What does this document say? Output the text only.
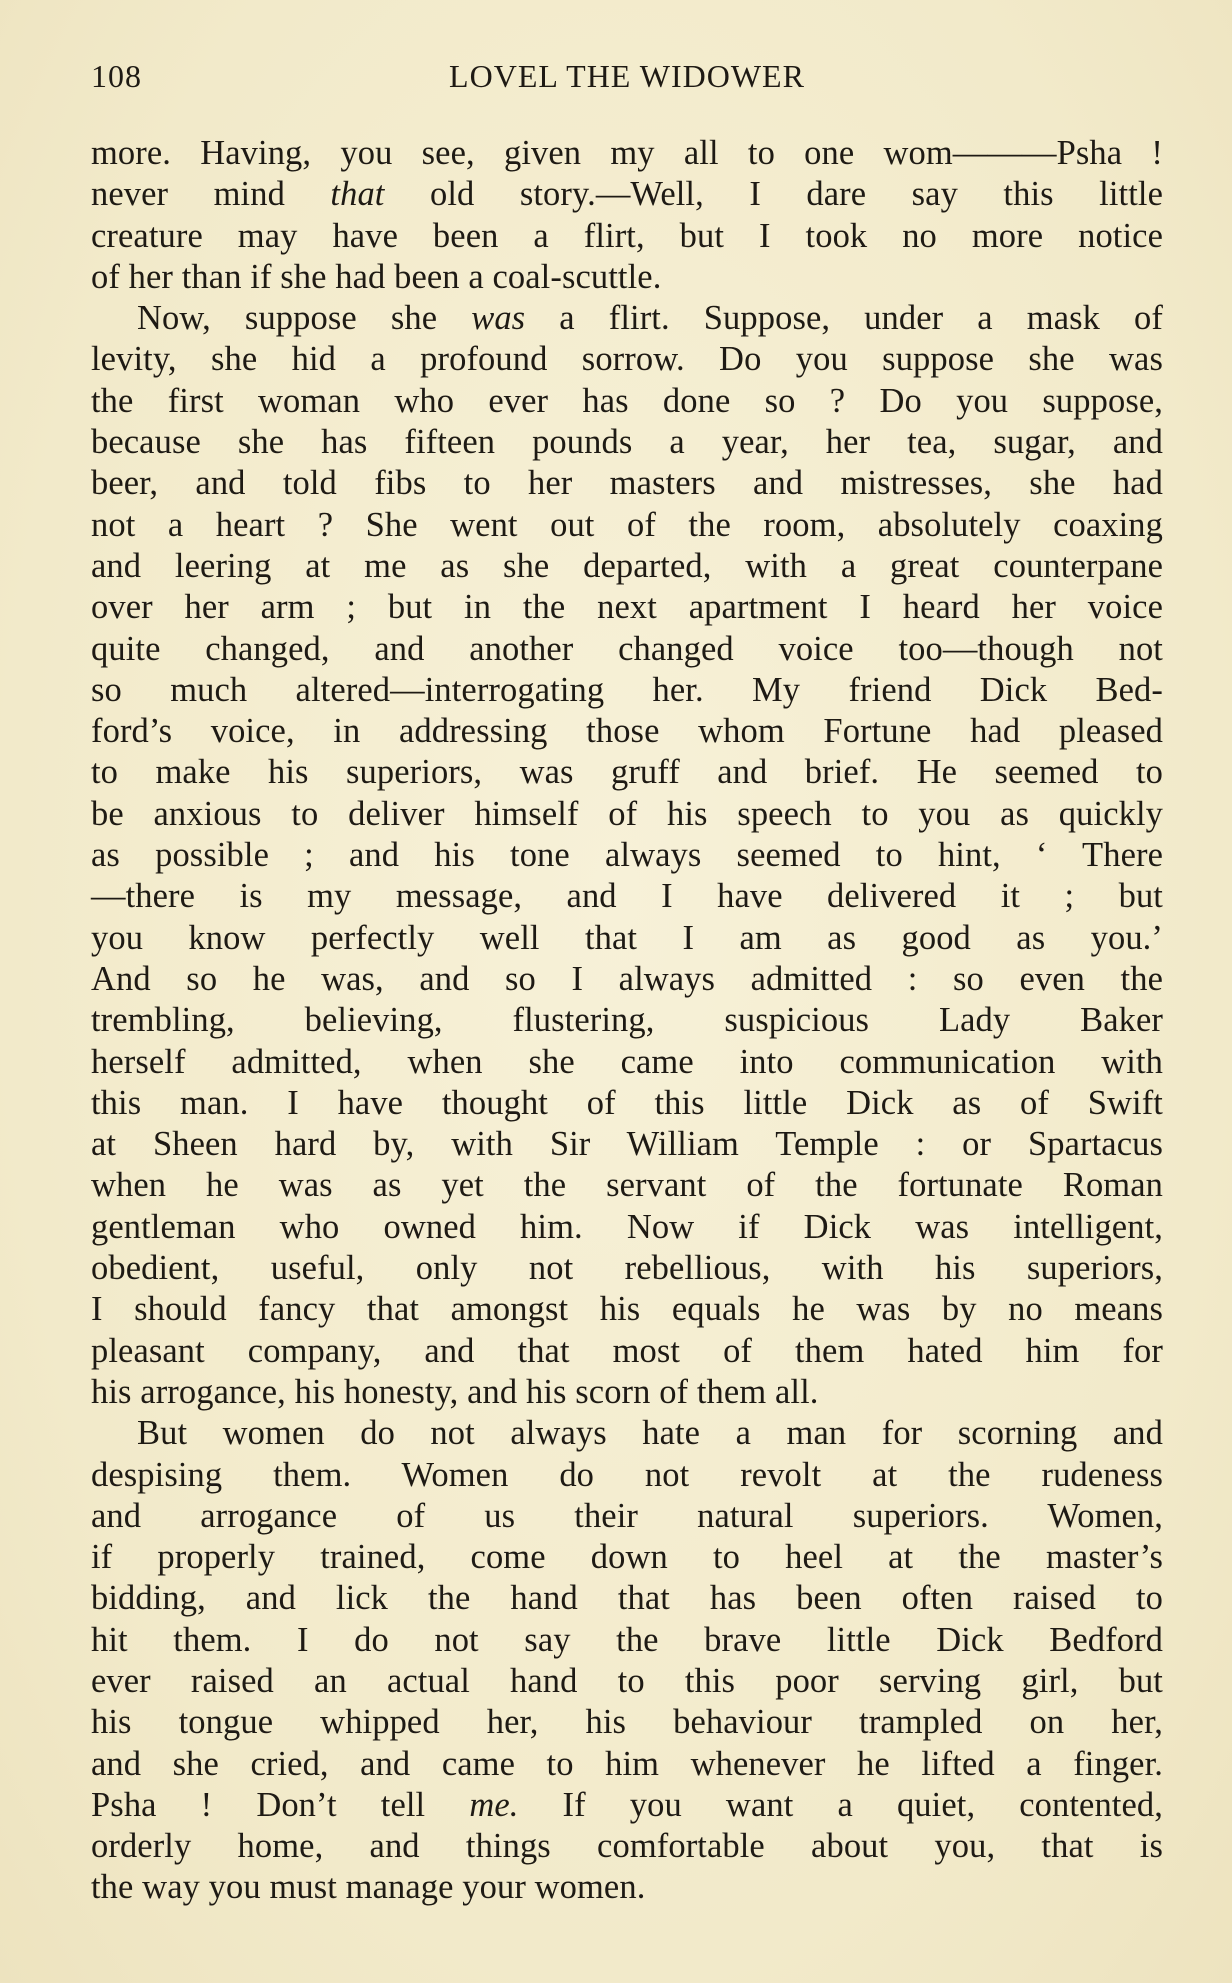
108	LOVEL THE WIDOWER
more. Having, you see, given my all to one wom———Psha !
never mind that old story.—Well, I dare say this little
creature may have been a flirt, but I took no more notice
of her than if she had been a coal-scuttle.
Now, suppose she was a flirt. Suppose, under a mask of
levity, she hid a profound sorrow. Do you suppose she was
the first woman who ever has done so ? Do you suppose,
because she has fifteen pounds a year, her tea, sugar, and
beer, and told fibs to her masters and mistresses, she had
not a heart ? She went out of the room, absolutely coaxing
and leering at me as she departed, with a great counterpane
over her arm ; but in the next apartment I heard her voice
quite changed, and another changed voice too—though not
so much altered—interrogating her. My friend Dick Bed-
ford’s voice, in addressing those whom Fortune had pleased
to make his superiors, was gruff and brief. He seemed to
be anxious to deliver himself of his speech to you as quickly
as possible ; and his tone always seemed to hint, ‘ There
—there is my message, and I have delivered it ; but
you know perfectly well that I am as good as you.’
And so he was, and so I always admitted : so even the
trembling, believing, flustering, suspicious Lady Baker
herself admitted, when she came into communication with
this man. I have thought of this little Dick as of Swift
at Sheen hard by, with Sir William Temple : or Spartacus
when he was as yet the servant of the fortunate Roman
gentleman who owned him. Now if Dick was intelligent,
obedient, useful, only not rebellious, with his superiors,
I should fancy that amongst his equals he was by no means
pleasant company, and that most of them hated him for
his arrogance, his honesty, and his scorn of them all.
But women do not always hate a man for scorning and
despising them. Women do not revolt at the rudeness
and arrogance of us their natural superiors. Women,
if properly trained, come down to heel at the master’s
bidding, and lick the hand that has been often raised to
hit them. I do not say the brave little Dick Bedford
ever raised an actual hand to this poor serving girl, but
his tongue whipped her, his behaviour trampled on her,
and she cried, and came to him whenever he lifted a finger.
Psha ! Don’t tell me. If you want a quiet, contented,
orderly home, and things comfortable about you, that is
the way you must manage your women.
